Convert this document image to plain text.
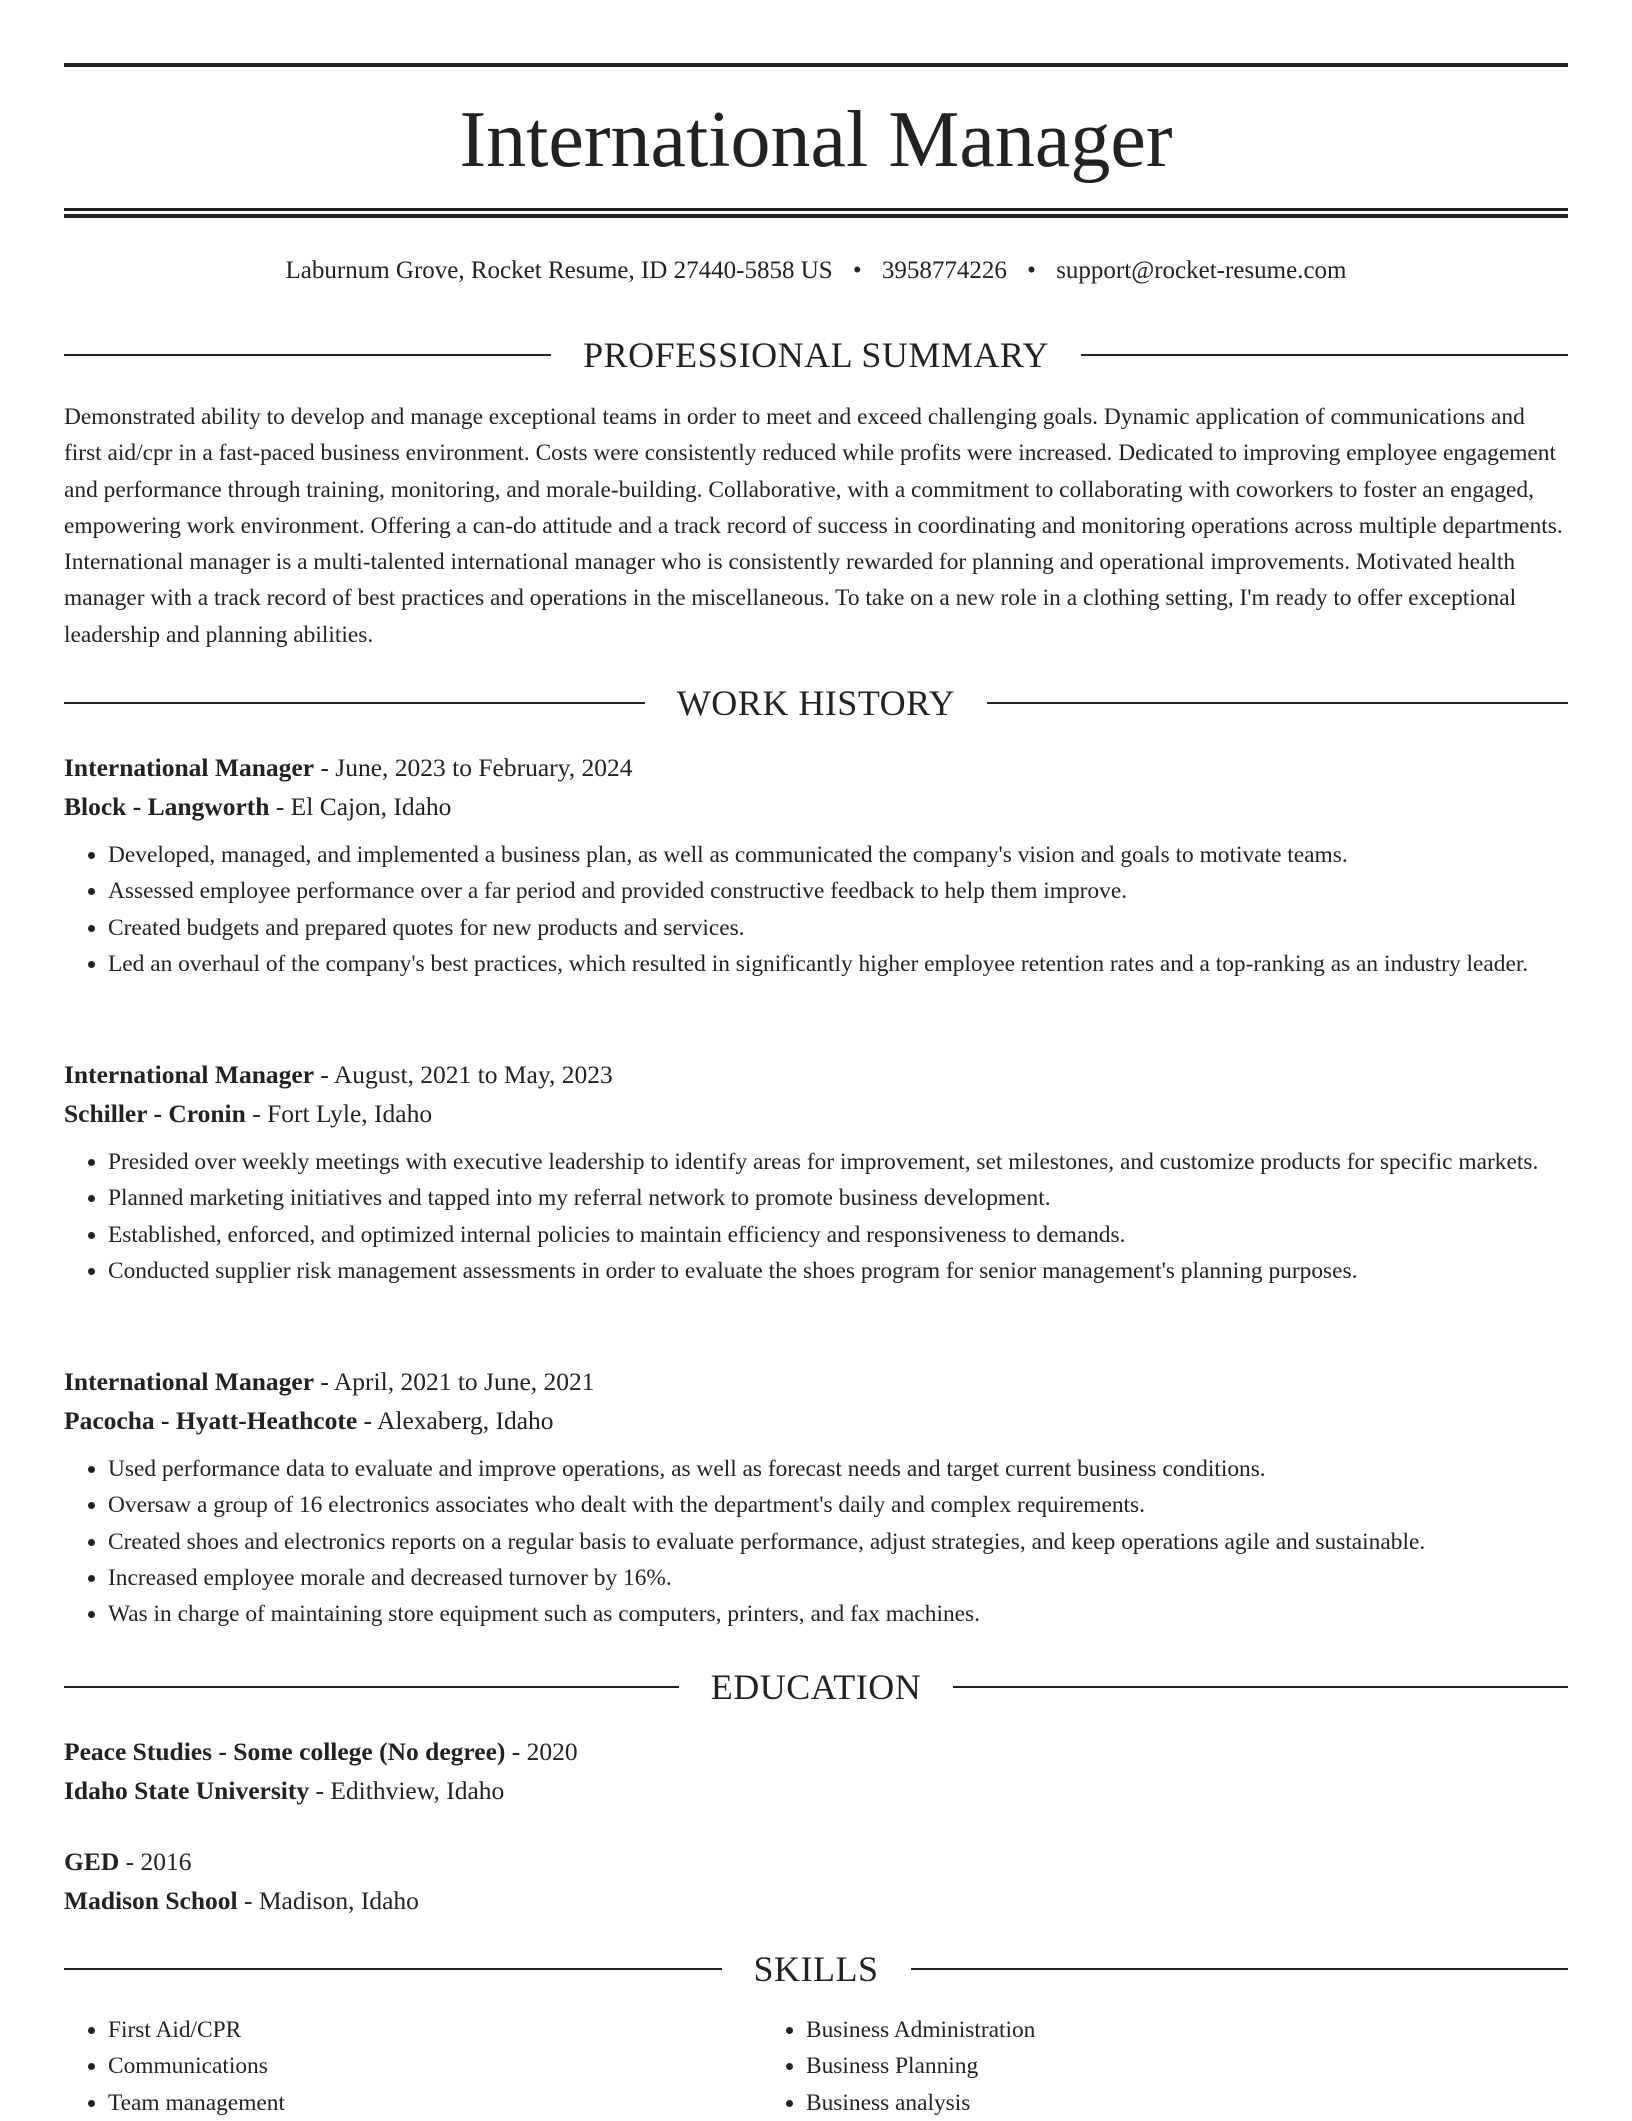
International Manager
Laburnum Grove, Rocket Resume, ID 27440-5858 US • 3958774226 • support@rocket-resume.com
PROFESSIONAL SUMMARY

Demonstrated ability to develop and manage exceptional teams in order to meet and exceed challenging goals. Dynamic application of communications and first aid/cpr in a fast-paced business environment. Costs were consistently reduced while profits were increased. Dedicated to improving employee engagement and performance through training, monitoring, and morale-building. Collaborative, with a commitment to collaborating with coworkers to foster an engaged, empowering work environment. Offering a can-do attitude and a track record of success in coordinating and monitoring operations across multiple departments. International manager is a multi-talented international manager who is consistently rewarded for planning and operational improvements. Motivated health manager with a track record of best practices and operations in the miscellaneous. To take on a new role in a clothing setting, I'm ready to offer exceptional leadership and planning abilities.

WORK HISTORY
International Manager - June, 2023 to February, 2024
Block - Langworth - El Cajon, Idaho
• Developed, managed, and implemented a business plan, as well as communicated the company's vision and goals to motivate teams.
• Assessed employee performance over a far period and provided constructive feedback to help them improve.
• Created budgets and prepared quotes for new products and services.
• Led an overhaul of the company's best practices, which resulted in significantly higher employee retention rates and a top-ranking as an industry leader.
International Manager - August, 2021 to May, 2023
Schiller - Cronin - Fort Lyle, Idaho
• Presided over weekly meetings with executive leadership to identify areas for improvement, set milestones, and customize products for specific markets.
• Planned marketing initiatives and tapped into my referral network to promote business development.
• Established, enforced, and optimized internal policies to maintain efficiency and responsiveness to demands.
• Conducted supplier risk management assessments in order to evaluate the shoes program for senior management's planning purposes.
International Manager - April, 2021 to June, 2021
Pacocha - Hyatt-Heathcote - Alexaberg, Idaho
• Used performance data to evaluate and improve operations, as well as forecast needs and target current business conditions.
• Oversaw a group of 16 electronics associates who dealt with the department's daily and complex requirements.
• Created shoes and electronics reports on a regular basis to evaluate performance, adjust strategies, and keep operations agile and sustainable.
• Increased employee morale and decreased turnover by 16%.
• Was in charge of maintaining store equipment such as computers, printers, and fax machines.
EDUCATION
Peace Studies - Some college (No degree) - 2020
Idaho State University - Edithview, Idaho
GED - 2016
Madison School - Madison, Idaho
SKILLS
• First Aid/CPR
• Communications
• Team management
• Business Administration
• Business Planning
• Business analysis
